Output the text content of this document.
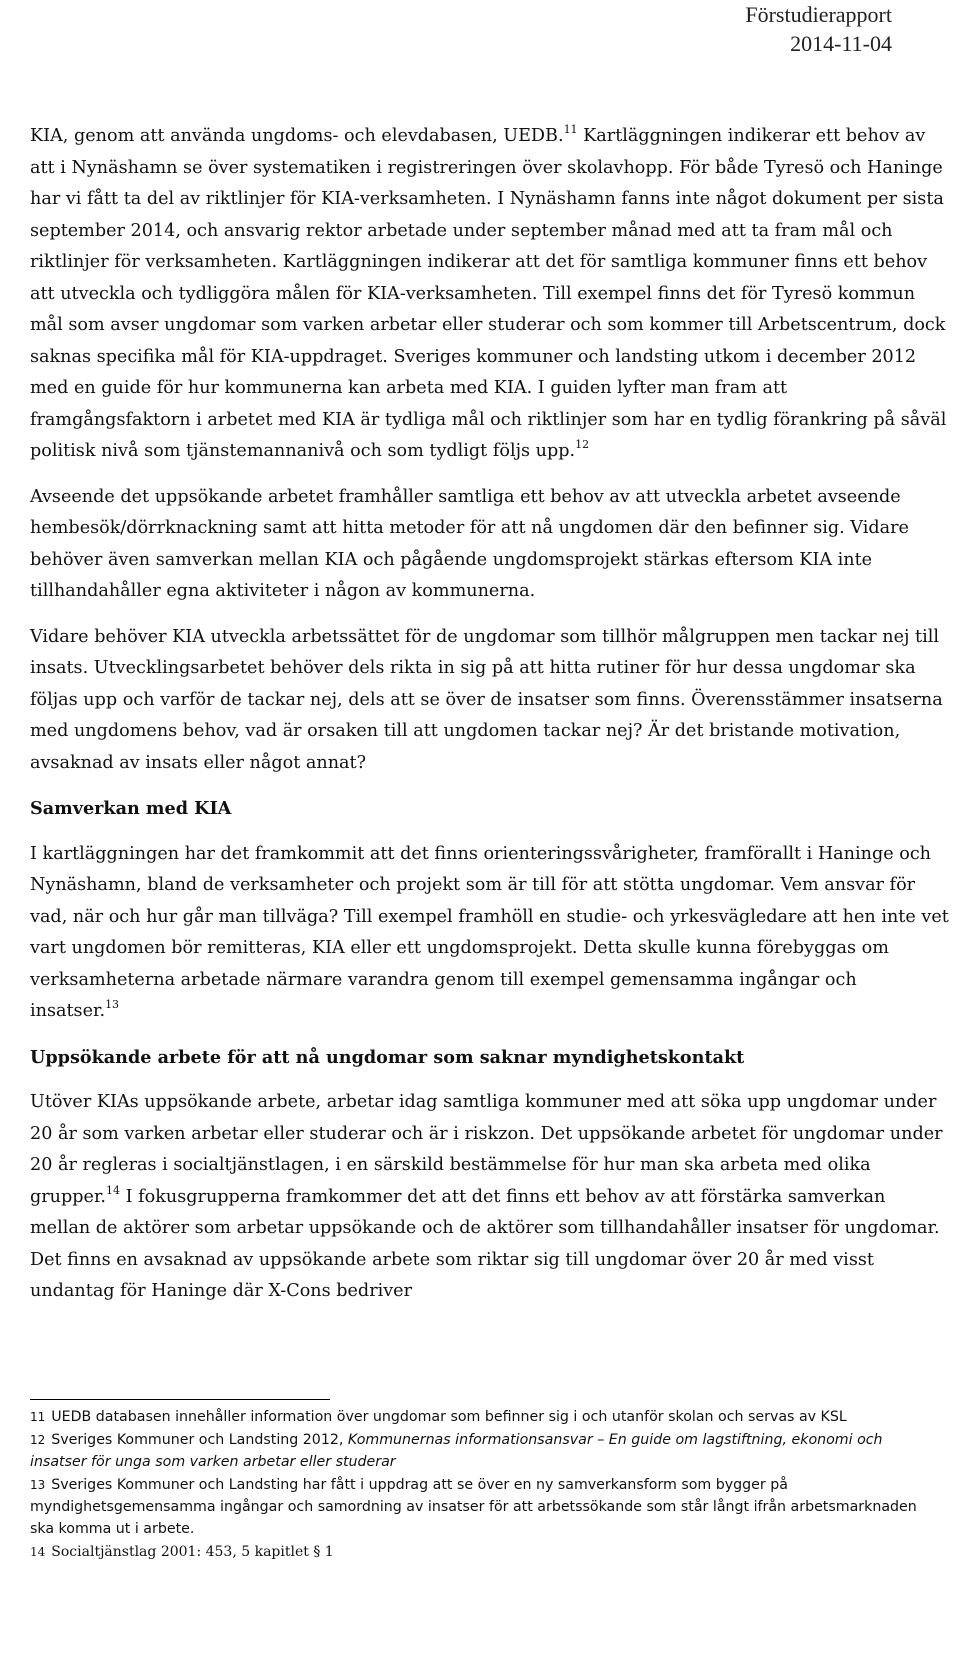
Förstudierapport
2014-11-04

KIA, genom att använda ungdoms- och elevdabasen, UEDB.$^{11}$ Kartläggningen indikerar ett behov av att i Nynäshamn se över systematiken i registreringen över skolavhopp. För både Tyresö och Haninge har vi fått ta del av riktlinjer för KIA-verksamheten. I Nynäshamn fanns inte något dokument per sista september 2014, och ansvarig rektor arbetade under september månad med att ta fram mål och riktlinjer för verksamheten. Kartläggningen indikerar att det för samtliga kommuner finns ett behov att utveckla och tydliggöra målen för KIA-verksamheten. Till exempel finns det för Tyresö kommun mål som avser ungdomar som varken arbetar eller studerar och som kommer till Arbetscentrum, dock saknas specifika mål för KIA-uppdraget. Sveriges kommuner och landsting utkom i december 2012 med en guide för hur kommunerna kan arbeta med KIA. I guiden lyfter man fram att framgångsfaktorn i arbetet med KIA är tydliga mål och riktlinjer som har en tydlig förankring på såväl politisk nivå som tjänstemannanivå och som tydligt följs upp.$^{12}$

Avseende det uppsökande arbetet framhåller samtliga ett behov av att utveckla arbetet avseende hembesök/dörrknackning samt att hitta metoder för att nå ungdomen där den befinner sig. Vidare behöver även samverkan mellan KIA och pågående ungdomsprojekt stärkas eftersom KIA inte tillhandahåller egna aktiviteter i någon av kommunerna.

Vidare behöver KIA utveckla arbetssättet för de ungdomar som tillhör målgruppen men tackar nej till insats. Utvecklingsarbetet behöver dels rikta in sig på att hitta rutiner för hur dessa ungdomar ska följas upp och varför de tackar nej, dels att se över de insatser som finns. Överensstämmer insatserna med ungdomens behov, vad är orsaken till att ungdomen tackar nej? Är det bristande motivation, avsaknad av insats eller något annat?

Samverkan med KIA

I kartläggningen har det framkommit att det finns orienteringssvårigheter, framförallt i Haninge och Nynäshamn, bland de verksamheter och projekt som är till för att stötta ungdomar. Vem ansvar för vad, när och hur går man tillväga? Till exempel framhöll en studie- och yrkesvägledare att hen inte vet vart ungdomen bör remitteras, KIA eller ett ungdomsprojekt. Detta skulle kunna förebyggas om verksamheterna arbetade närmare varandra genom till exempel gemensamma ingångar och insatser.$^{13}$

Uppsökande arbete för att nå ungdomar som saknar myndighetskontakt

Utöver KIAs uppsökande arbete, arbetar idag samtliga kommuner med att söka upp ungdomar under 20 år som varken arbetar eller studerar och är i riskzon. Det uppsökande arbetet för ungdomar under 20 år regleras i socialtjänstlagen, i en särskild bestämmelse för hur man ska arbeta med olika grupper.$^{14}$ I fokusgrupperna framkommer det att det finns ett behov av att förstärka samverkan mellan de aktörer som arbetar uppsökande och de aktörer som tillhandahåller insatser för ungdomar. Det finns en avsaknad av uppsökande arbete som riktar sig till ungdomar över 20 år med visst undantag för Haninge där X-Cons bedriver

11 UEDB databasen innehåller information över ungdomar som befinner sig i och utanför skolan och servas av KSL
12 Sveriges Kommuner och Landsting 2012, Kommunernas informationsansvar – En guide om lagstiftning, ekonomi och insatser för unga som varken arbetar eller studerar
13 Sveriges Kommuner och Landsting har fått i uppdrag att se över en ny samverkansform som bygger på myndighetsgemensamma ingångar och samordning av insatser för att arbetssökande som står långt ifrån arbetsmarknaden ska komma ut i arbete.
14 Socialtjänstlag 2001: 453, 5 kapitlet § 1
